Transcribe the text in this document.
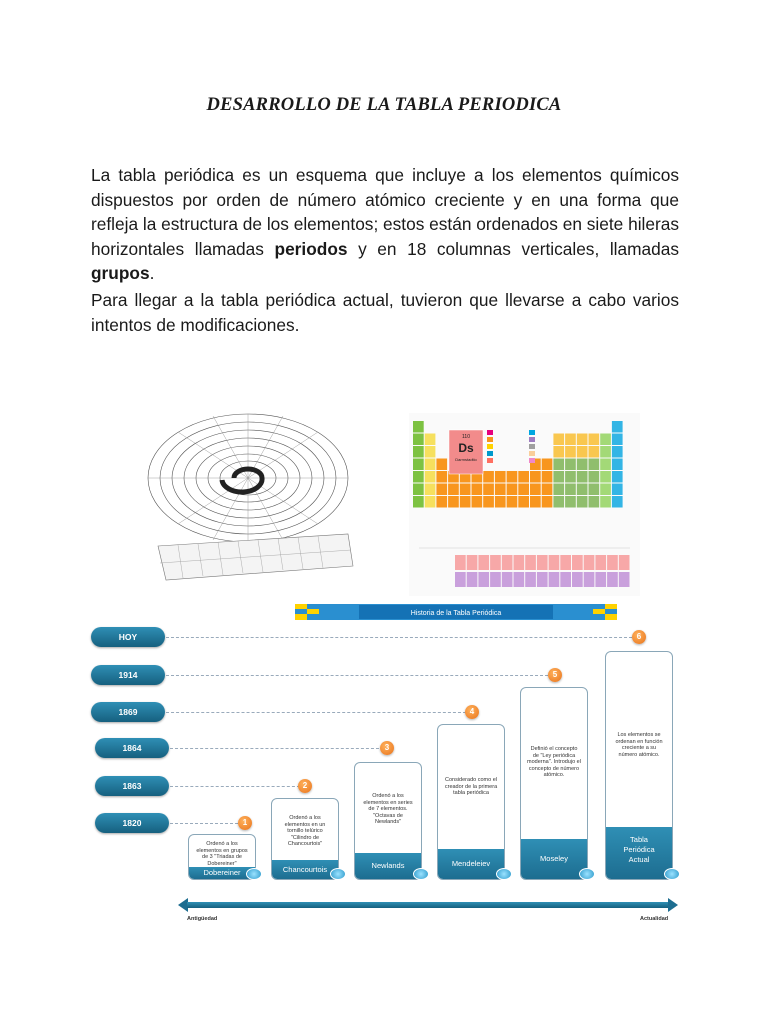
DESARROLLO DE LA TABLA PERIODICA

La tabla periódica es un esquema que incluye a los elementos químicos dispuestos por orden de número atómico creciente y en una forma que refleja la estructura de los elementos; estos están ordenados en siete hileras horizontales llamadas periodos y en 18 columnas verticales, llamadas grupos.

Para llegar a la tabla periódica actual, tuvieron que llevarse a cabo varios intentos de modificaciones.

110
Ds
Darmstadtio
Historia de la Tabla Periódica
HOY
1914
1869
1864
1863
1820
6
5
4
3
2
1
Ordenó a los elementos en grupos de 3 "Triadas de Dobereiner"
Dobereiner
Ordenó a los elementos en un tornillo telúrico "Cilindro de Chancourtois"
Chancourtois
Ordenó a los elementos en series de 7 elementos. "Octavas de Newlands"
Newlands
Considerado como el creador de la primera tabla periódica
Mendeleiev
Definió el concepto de "Ley periódica moderna". Introdujo el concepto de número atómico.
Moseley
Los elementos se ordenan en función creciente a su número atómico.
Tabla Periódica Actual
Antigüedad	Actualidad
